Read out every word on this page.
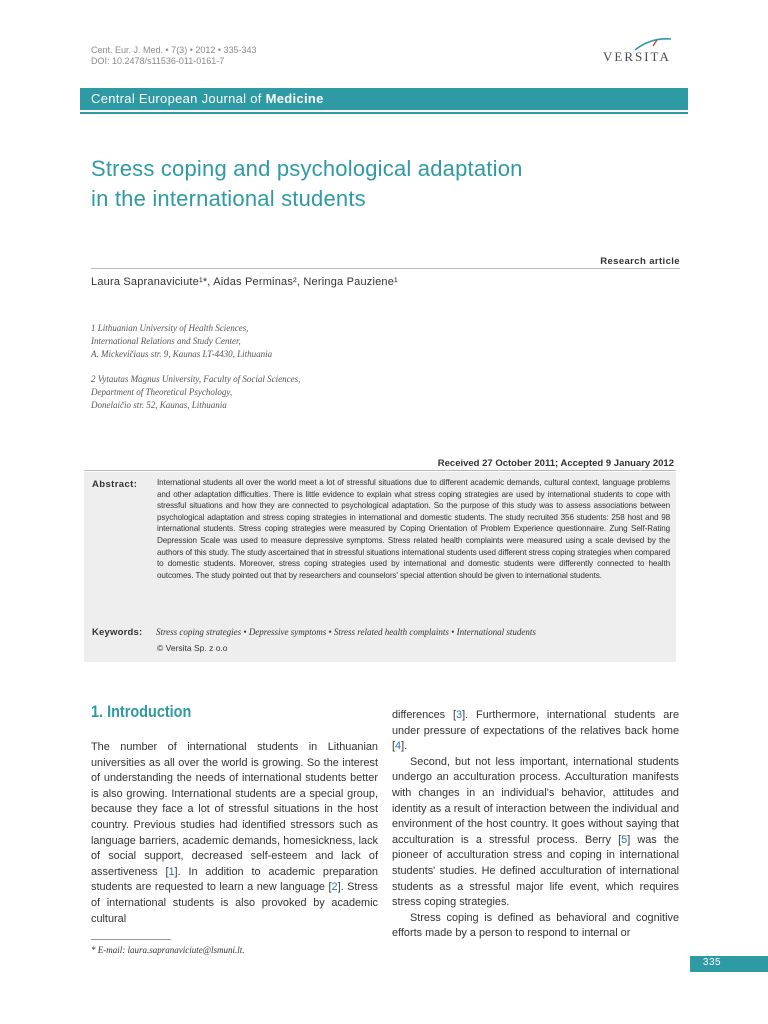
Cent. Eur. J. Med. • 7(3) • 2012 • 335-343
DOI: 10.2478/s11536-011-0161-7	VERSITA
Central European Journal of Medicine
Stress coping and psychological adaptation
in the international students
Research article
Laura Sapranaviciute¹*, Aidas Perminas², Neringa Pauziene¹
1 Lithuanian University of Health Sciences,
International Relations and Study Center,
A. Mickevičiaus str. 9, Kaunas LT-4430, Lithuania
2 Vytautas Magnus University, Faculty of Social Sciences,
Department of Theoretical Psychology,
Donelaičio str. 52, Kaunas, Lithuania
Received 27 October 2011; Accepted 9 January 2012
Abstract: International students all over the world meet a lot of stressful situations due to different academic demands, cultural context, language problems and other adaptation difficulties. There is little evidence to explain what stress coping strategies are used by international students to cope with stressful situations and how they are connected to psychological adaptation. So the purpose of this study was to assess associations between psychological adaptation and stress coping strategies in international and domestic students. The study recruited 356 students: 258 host and 98 international students. Stress coping strategies were measured by Coping Orientation of Problem Experience questionnaire. Zung Self-Rating Depression Scale was used to measure depressive symptoms. Stress related health complaints were measured using a scale devised by the authors of this study. The study ascertained that in stressful situations international students used different stress coping strategies when compared to domestic students. Moreover, stress coping strategies used by international and domestic students were differently connected to health outcomes. The study pointed out that by researchers and counselors' special attention should be given to international students.
Keywords: Stress coping strategies • Depressive symptoms • Stress related health complaints • International students
© Versita Sp. z o.o
1. Introduction

The number of international students in Lithuanian universities as all over the world is growing. So the interest of understanding the needs of international students better is also growing. International students are a special group, because they face a lot of stressful situations in the host country. Previous studies had identified stressors such as language barriers, academic demands, homesickness, lack of social support, decreased self-esteem and lack of assertiveness [1]. In addition to academic preparation students are requested to learn a new language [2]. Stress of international students is also provoked by academic cultural

differences [3]. Furthermore, international students are under pressure of expectations of the relatives back home [4].

Second, but not less important, international students undergo an acculturation process. Acculturation manifests with changes in an individual's behavior, attitudes and identity as a result of interaction between the individual and environment of the host country. It goes without saying that acculturation is a stressful process. Berry [5] was the pioneer of acculturation stress and coping in international students' studies. He defined acculturation of international students as a stressful major life event, which requires stress coping strategies.

Stress coping is defined as behavioral and cognitive efforts made by a person to respond to internal or

* E-mail: laura.sapranaviciute@lsmuni.lt.
335
